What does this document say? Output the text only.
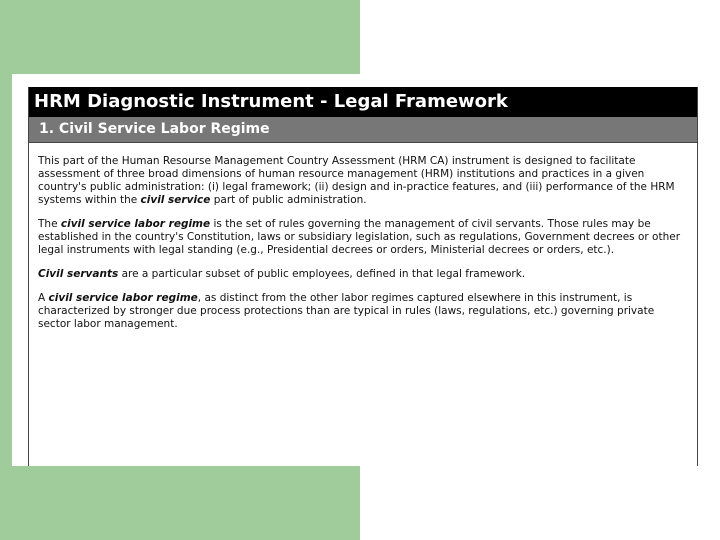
HRM Diagnostic Instrument - Legal Framework
1. Civil Service Labor Regime

This part of the Human Resourse Management Country Assessment (HRM CA) instrument is designed to facilitate assessment of three broad dimensions of human resource management (HRM) institutions and practices in a given country's public administration: (i) legal framework; (ii) design and in-practice features, and (iii) performance of the HRM systems within the civil service part of public administration.

The civil service labor regime is the set of rules governing the management of civil servants. Those rules may be established in the country's Constitution, laws or subsidiary legislation, such as regulations, Government decrees or other legal instruments with legal standing (e.g., Presidential decrees or orders, Ministerial decrees or orders, etc.).

Civil servants are a particular subset of public employees, defined in that legal framework.

A civil service labor regime, as distinct from the other labor regimes captured elsewhere in this instrument, is characterized by stronger due process protections than are typical in rules (laws, regulations, etc.) governing private sector labor management.
